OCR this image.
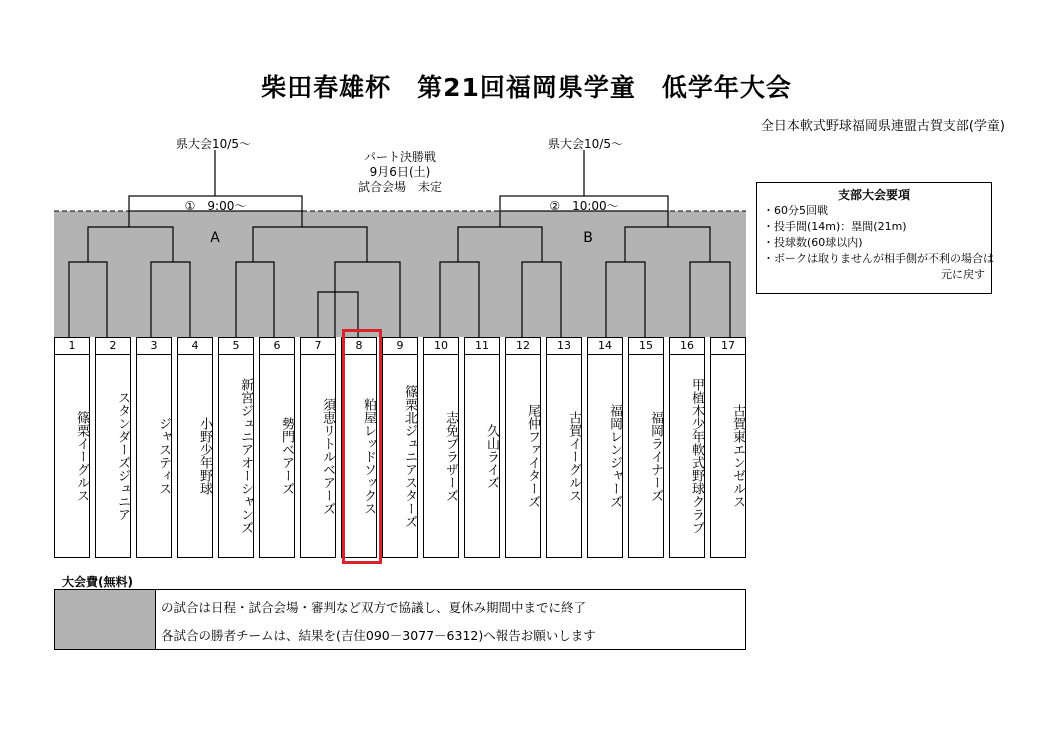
柴田春雄杯　第21回福岡県学童　低学年大会
全日本軟式野球福岡県連盟古賀支部(学童)
県大会10/5～	県大会10/5～
パート決勝戦
9月6日(土)
試合会場　未定
①　9:00～	②　10:00～
A	B
1
篠栗イーグルス
2
スタンダーズジュニア
3
ジャスティス
4
小野少年野球
5
新宮ジュニアオーシャンズ
6
勢門ベアーズ
7
須恵リトルベアーズ
8
粕屋レッドソックス
9
篠栗北ジュニアスターズ
10
志免ブラザーズ
11
久山ライズ
12
尾仲ファイターズ
13
古賀イーグルス
14
福岡レンジャーズ
15
福岡ライナーズ
16
甲植木少年軟式野球クラブ
17
古賀東エンゼルス
支部大会要項
・60分5回戦
・投手間(14m)：塁間(21m)
・投球数(60球以内)
・ボークは取りませんが相手側が不利の場合は
元に戻す
大会費(無料)
の試合は日程・試合会場・審判など双方で協議し、夏休み期間中までに終了
各試合の勝者チームは、結果を(吉住090－3077－6312)へ報告お願いします
